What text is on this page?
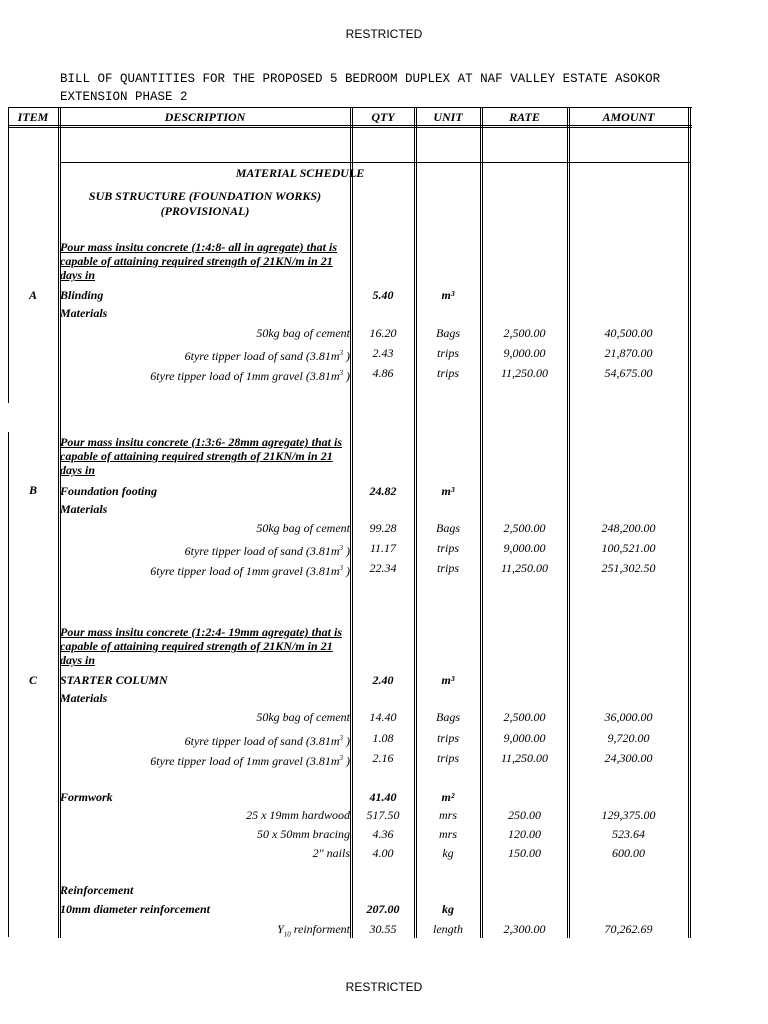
RESTRICTED
RESTRICTED
BILL OF QUANTITIES FOR THE PROPOSED 5 BEDROOM DUPLEX AT NAF VALLEY ESTATE ASOKOR EXTENSION PHASE 2
ITEM	DESCRIPTION	QTY	UNIT	RATE	AMOUNT
MATERIAL SCHEDULE
SUB STRUCTURE (FOUNDATION WORKS)
(PROVISIONAL)
Pour mass insitu concrete (1:4:8- all in agregate) that is capable of attaining required strength of 21KN/m in 21 days in
A	Blinding	5.40	m³
Materials
50kg bag of cement	16.20	Bags	2,500.00	40,500.00
6tyre tipper load of sand ($3.81m^3$ )	2.43	trips	9,000.00	21,870.00
6tyre tipper load of 1mm gravel ($3.81m^3$ )	4.86	trips	11,250.00	54,675.00
Pour mass insitu concrete (1:3:6- 28mm agregate) that is capable of attaining required strength of 21KN/m in 21 days in
B	Foundation footing	24.82	m³
Materials
50kg bag of cement	99.28	Bags	2,500.00	248,200.00
6tyre tipper load of sand ($3.81m^3$ )	11.17	trips	9,000.00	100,521.00
6tyre tipper load of 1mm gravel ($3.81m^3$ )	22.34	trips	11,250.00	251,302.50
Pour mass insitu concrete (1:2:4- 19mm agregate) that is capable of attaining required strength of 21KN/m in 21 days in
C	STARTER COLUMN	2.40	m³
Materials
50kg bag of cement	14.40	Bags	2,500.00	36,000.00
6tyre tipper load of sand ($3.81m^3$ )	1.08	trips	9,000.00	9,720.00
6tyre tipper load of 1mm gravel ($3.81m^3$ )	2.16	trips	11,250.00	24,300.00
Formwork	41.40	m²
25 x 19mm hardwood	517.50	mrs	250.00	129,375.00
50 x 50mm bracing	4.36	mrs	120.00	523.64
2" nails	4.00	kg	150.00	600.00
Reinforcement
10mm diameter reinforcement	207.00	kg
$Y_{10}$ reinforment	30.55	length	2,300.00	70,262.69
